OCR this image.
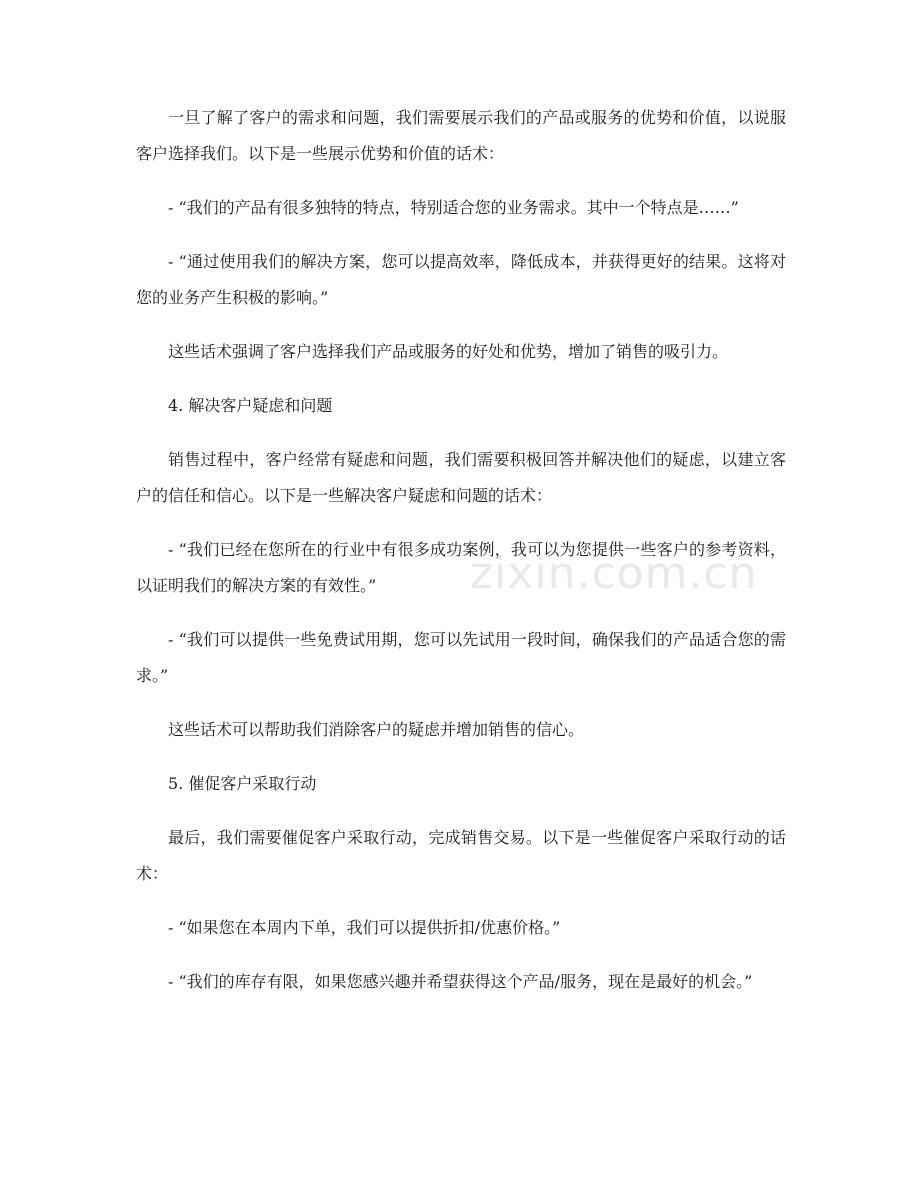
一旦了解了客户的需求和问题，我们需要展示我们的产品或服务的优势和价值，以说服客户选择我们。以下是一些展示优势和价值的话术：

- “我们的产品有很多独特的特点，特别适合您的业务需求。其中一个特点是……”

- “通过使用我们的解决方案，您可以提高效率，降低成本，并获得更好的结果。这将对您的业务产生积极的影响。”

这些话术强调了客户选择我们产品或服务的好处和优势，增加了销售的吸引力。

4. 解决客户疑虑和问题

销售过程中，客户经常有疑虑和问题，我们需要积极回答并解决他们的疑虑，以建立客户的信任和信心。以下是一些解决客户疑虑和问题的话术：

- “我们已经在您所在的行业中有很多成功案例，我可以为您提供一些客户的参考资料，以证明我们的解决方案的有效性。”

- “我们可以提供一些免费试用期，您可以先试用一段时间，确保我们的产品适合您的需求。”

这些话术可以帮助我们消除客户的疑虑并增加销售的信心。

5. 催促客户采取行动

最后，我们需要催促客户采取行动，完成销售交易。以下是一些催促客户采取行动的话术：

- “如果您在本周内下单，我们可以提供折扣/优惠价格。”

- “我们的库存有限，如果您感兴趣并希望获得这个产品/服务，现在是最好的机会。”

zixin.com.cn
